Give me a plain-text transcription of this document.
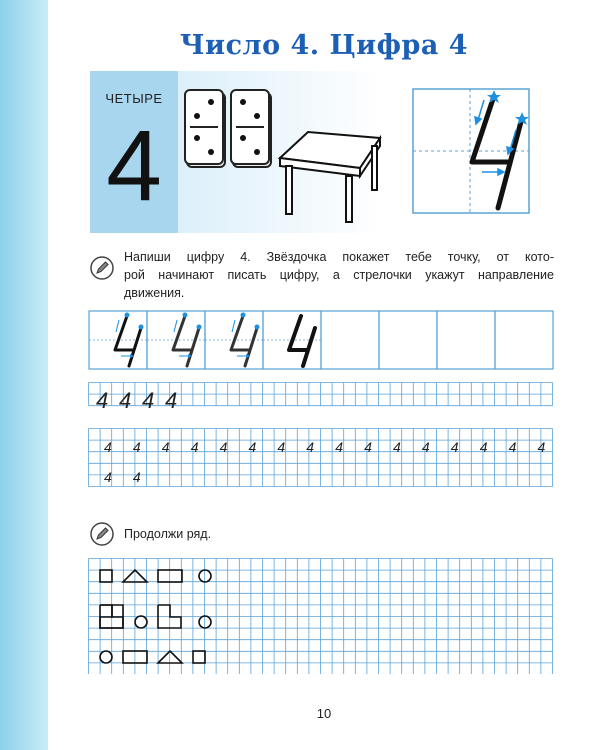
Число 4. Цифра 4
ЧЕТЫРЕ
4
Напиши цифру 4. Звёздочка покажет тебе точку, от кото-
рой начинают писать цифру, а стрелочки укажут направление
движения.
4 4 4 4
4 4 4 4 4 4 4 4 4 4 4 4 4 4 4 4
4 4
Продолжи ряд.
10
